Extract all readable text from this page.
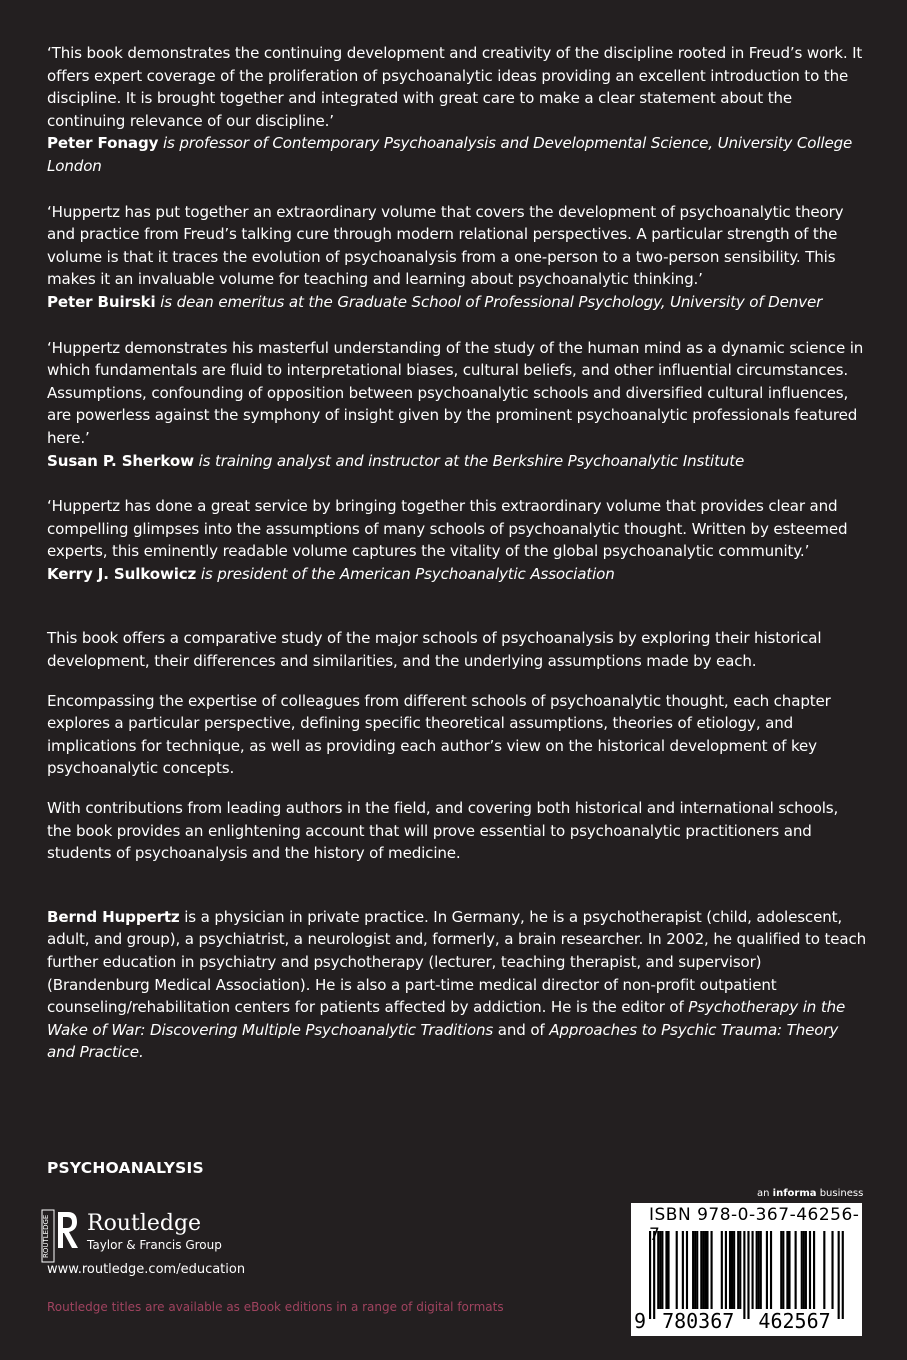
‘This book demonstrates the continuing development and creativity of the discipline rooted in Freud’s work. It offers expert coverage of the proliferation of psychoanalytic ideas providing an excellent introduction to the discipline. It is brought together and integrated with great care to make a clear statement about the continuing relevance of our discipline.’

Peter Fonagy is professor of Contemporary Psychoanalysis and Developmental Science, University College London

‘Huppertz has put together an extraordinary volume that covers the development of psychoanalytic theory and practice from Freud’s talking cure through modern relational perspectives. A particular strength of the volume is that it traces the evolution of psychoanalysis from a one-person to a two-person sensibility. This makes it an invaluable volume for teaching and learning about psychoanalytic thinking.’

Peter Buirski is dean emeritus at the Graduate School of Professional Psychology, University of Denver

‘Huppertz demonstrates his masterful understanding of the study of the human mind as a dynamic science in which fundamentals are fluid to interpretational biases, cultural beliefs, and other influential circumstances. Assumptions, confounding of opposition between psychoanalytic schools and diversified cultural influences, are powerless against the symphony of insight given by the prominent psychoanalytic professionals featured here.’

Susan P. Sherkow is training analyst and instructor at the Berkshire Psychoanalytic Institute

‘Huppertz has done a great service by bringing together this extraordinary volume that provides clear and compelling glimpses into the assumptions of many schools of psychoanalytic thought. Written by esteemed experts, this eminently readable volume captures the vitality of the global psychoanalytic community.’

Kerry J. Sulkowicz is president of the American Psychoanalytic Association

This book offers a comparative study of the major schools of psychoanalysis by exploring their historical development, their differences and similarities, and the underlying assumptions made by each.

Encompassing the expertise of colleagues from different schools of psychoanalytic thought, each chapter explores a particular perspective, defining specific theoretical assumptions, theories of etiology, and implications for technique, as well as providing each author’s view on the historical development of key psychoanalytic concepts.

With contributions from leading authors in the field, and covering both historical and international schools, the book provides an enlightening account that will prove essential to psychoanalytic practitioners and students of psychoanalysis and the history of medicine.

Bernd Huppertz is a physician in private practice. In Germany, he is a psychotherapist (child, adolescent, adult, and group), a psychiatrist, a neurologist and, formerly, a brain researcher. In 2002, he qualified to teach further education in psychiatry and psychotherapy (lecturer, teaching therapist, and supervisor) (Brandenburg Medical Association). He is also a part-time medical director of non-profit outpatient counseling/rehabilitation centers for patients affected by addiction. He is the editor of Psychotherapy in the Wake of War: Discovering Multiple Psychoanalytic Traditions and of Approaches to Psychic Trauma: Theory and Practice.

PSYCHOANALYSIS
ROUTLEDGE Routledge
Taylor & Francis Group
www.routledge.com/education
Routledge titles are available as eBook editions in a range of digital formats
an informa business
ISBN 978-0-367-46256-
9 780367 462567
